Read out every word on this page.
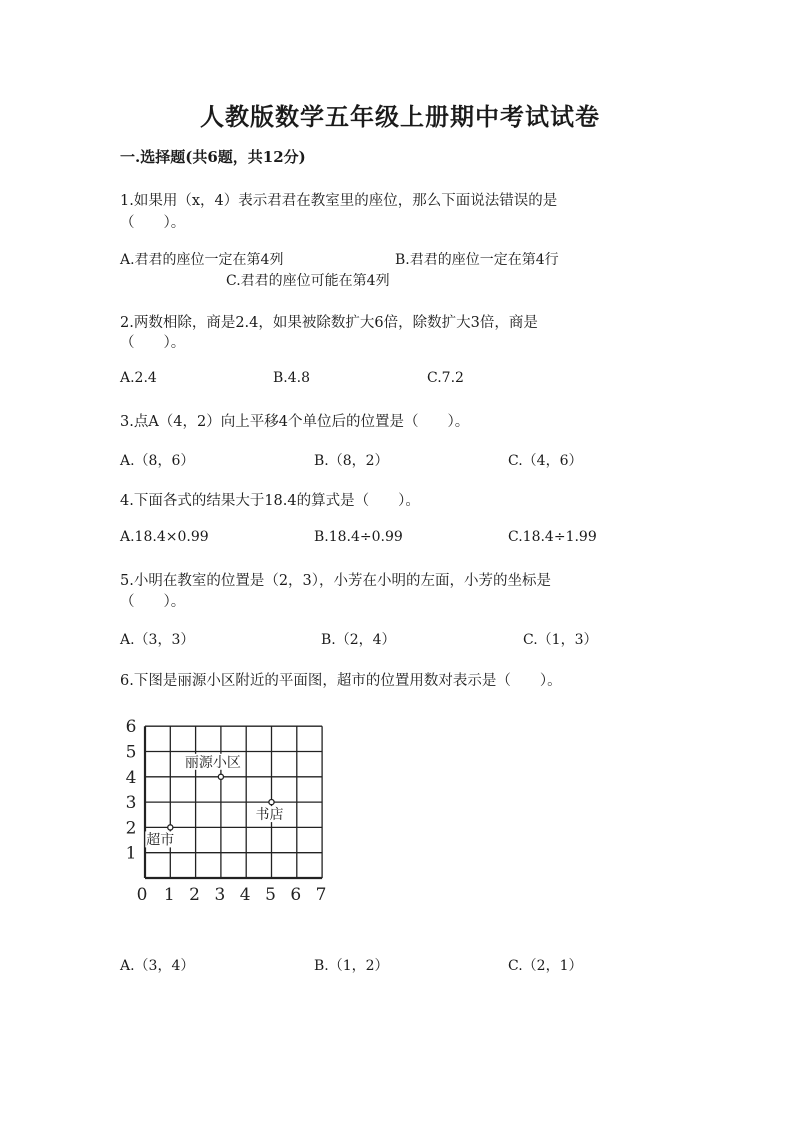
人教版数学五年级上册期中考试试卷
一.选择题(共6题，共12分)
1.如果用（x，4）表示君君在教室里的座位，那么下面说法错误的是
（　　）。
A.君君的座位一定在第4列	B.君君的座位一定在第4行
C.君君的座位可能在第4列
2.两数相除，商是2.4，如果被除数扩大6倍，除数扩大3倍，商是
（　　）。
A.2.4	B.4.8	C.7.2
3.点A（4，2）向上平移4个单位后的位置是（　　）。
A.（8，6）	B.（8，2）	C.（4，6）
4.下面各式的结果大于18.4的算式是（　　）。
A.18.4×0.99	B.18.4÷0.99	C.18.4÷1.99
5.小明在教室的位置是（2，3），小芳在小明的左面，小芳的坐标是
（　　）。
A.（3，3）	B.（2，4）	C.（1，3）
6.下图是丽源小区附近的平面图，超市的位置用数对表示是（　　）。
0 1 2 3 4 5 6 7
1
2
3
4
5
6
丽源小区
书店
超市
A.（3，4）	B.（1，2）	C.（2，1）
